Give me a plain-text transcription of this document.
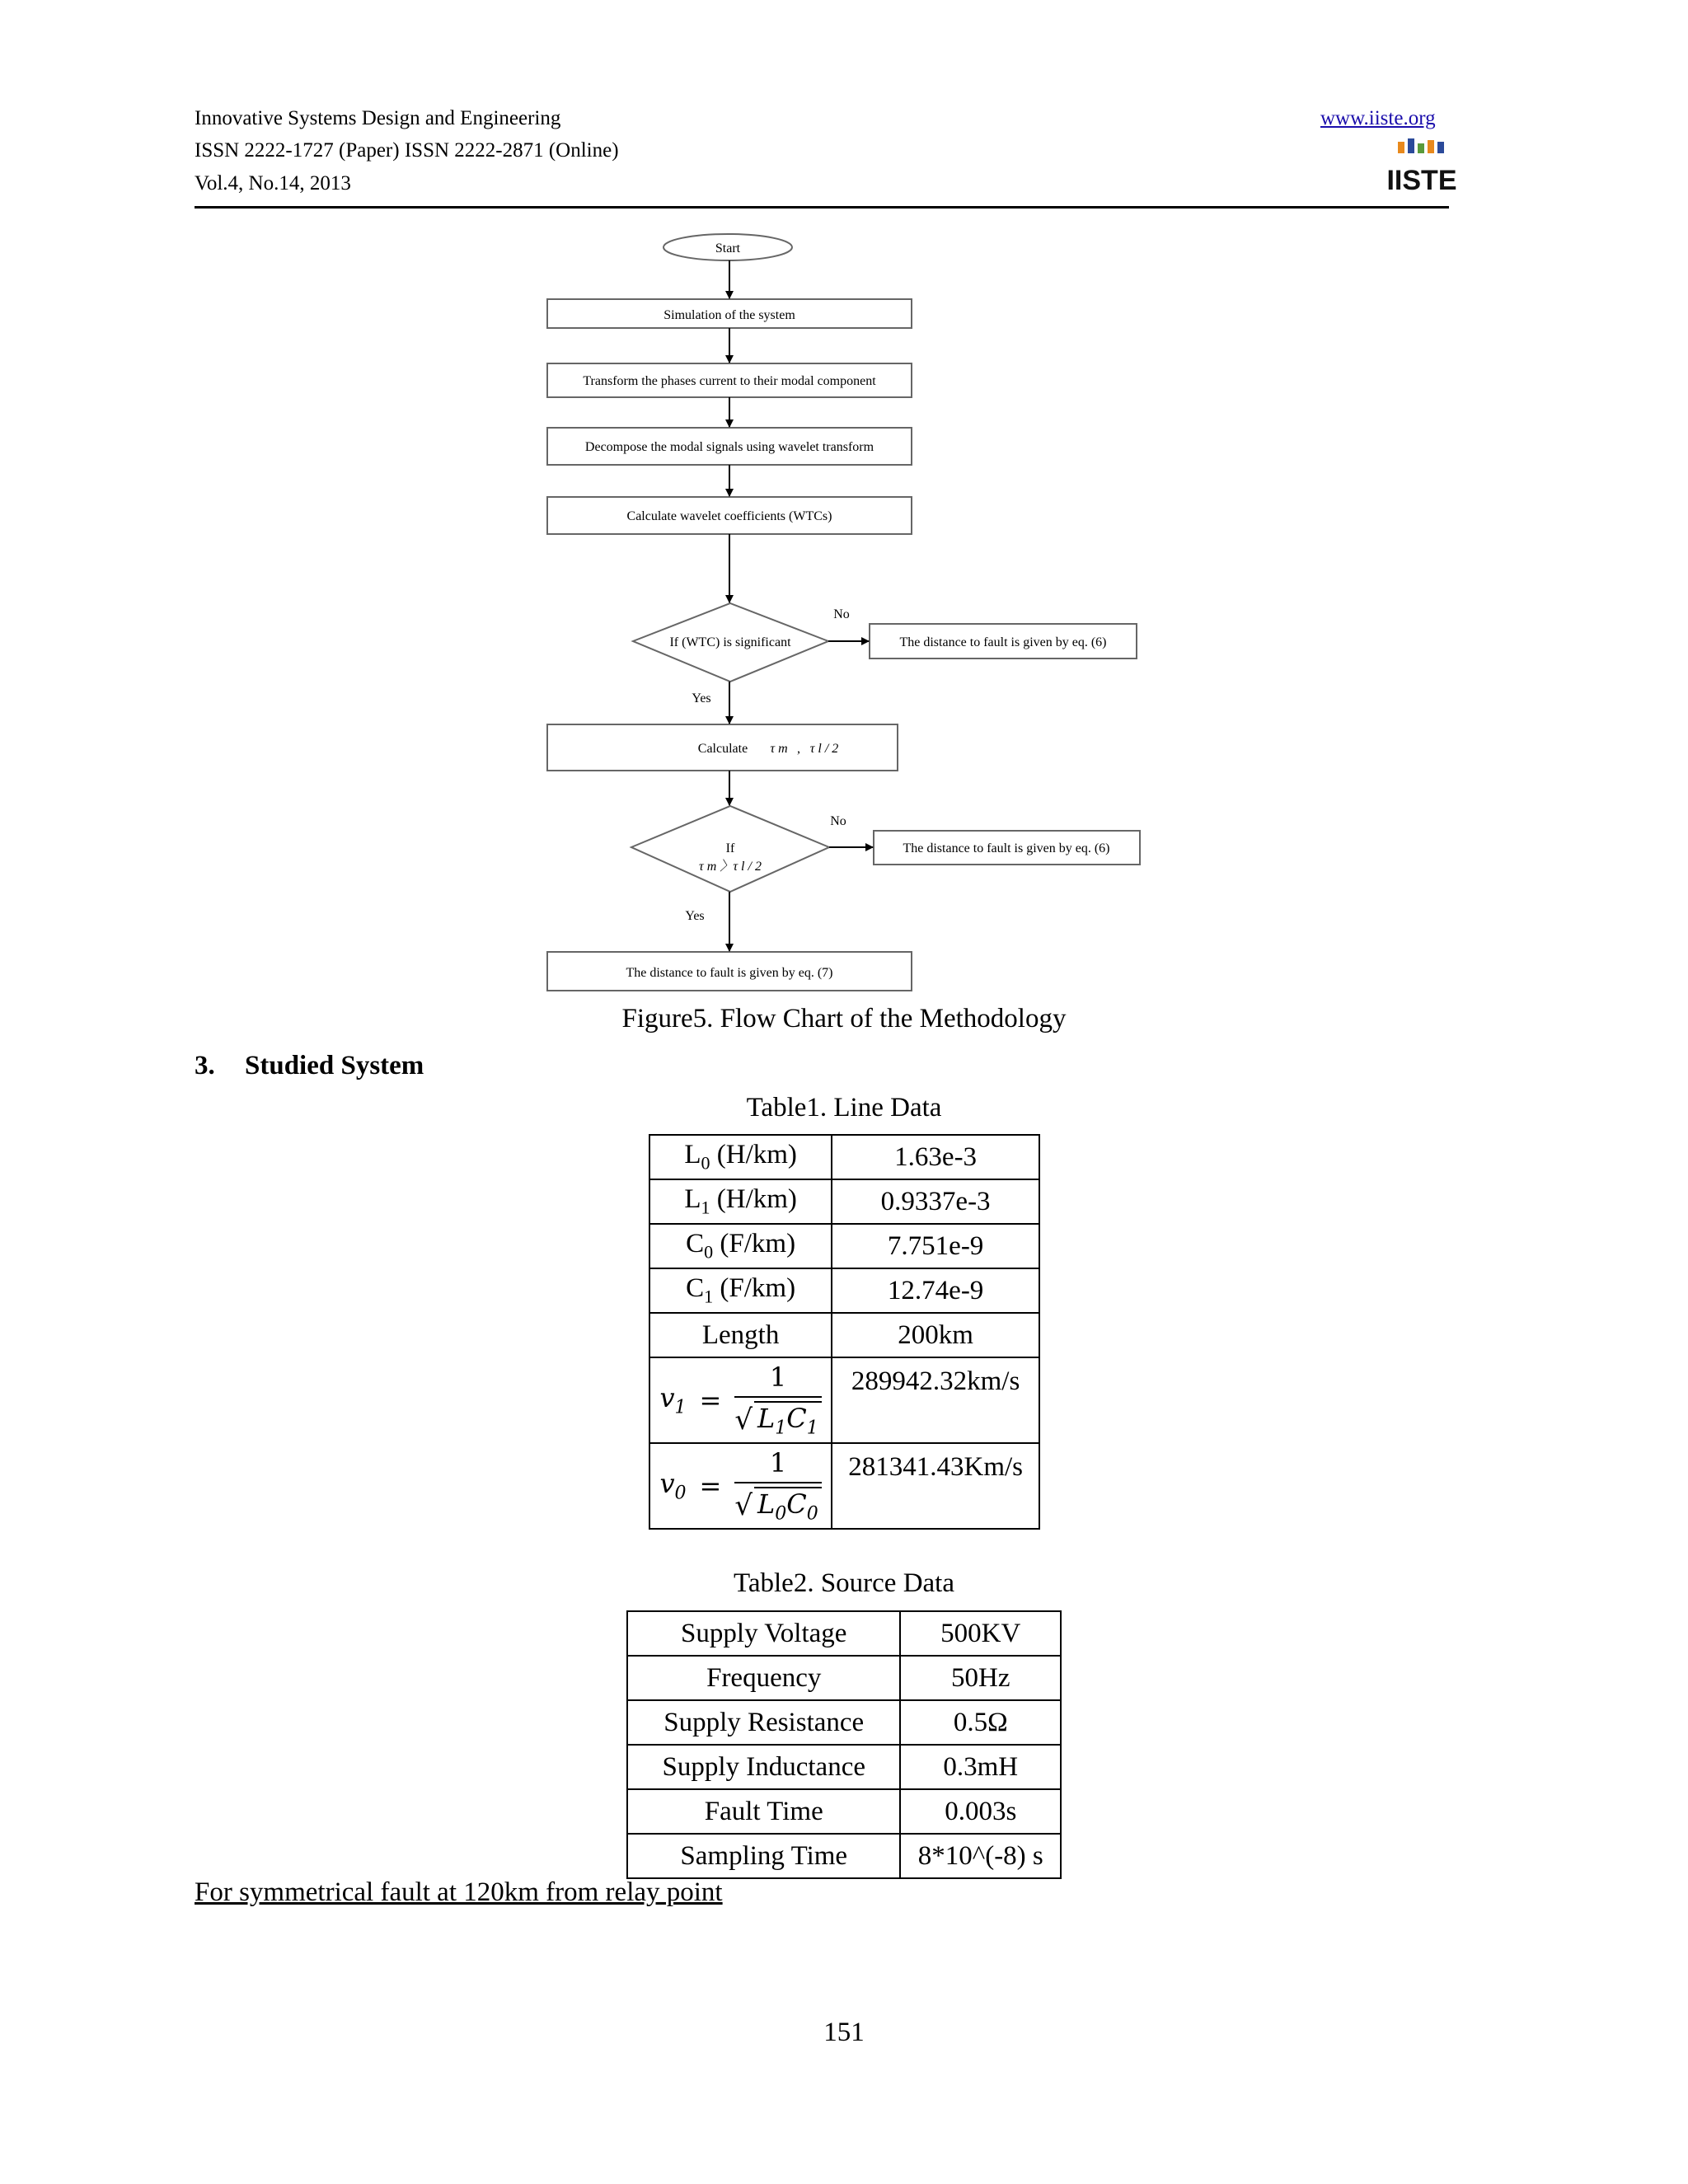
Innovative Systems Design and Engineering
ISSN 2222-1727 (Paper) ISSN 2222-2871 (Online)
Vol.4, No.14, 2013
www.iiste.org
IISTE
Start
Simulation of the system
Transform the phases current to their modal component
Decompose the modal signals using wavelet transform
Calculate wavelet coefficients (WTCs)
If (WTC) is significant
No
The distance to fault is given by eq. (6)
Yes
Calculate τ m , τ l / 2
If
τ m 〉τ l / 2
No
The distance to fault is given by eq. (6)
Yes
The distance to fault is given by eq. (7)
Figure5. Flow Chart of the Methodology
3. Studied System
Table1. Line Data
$L_0$ (H/km)	1.63e-3
$L_1$ (H/km)	0.9337e-3
$C_0$ (F/km)	7.751e-9
$C_1$ (F/km)	12.74e-9
Length	200km

$v_1 = \frac{1}{√ L_1C_1}$	289942.32km/s

$v_0 = \frac{1}{√ L_0C_0}$	281341.43Km/s
Table2. Source Data
Supply Voltage	500KV
Frequency	50Hz
Supply Resistance	0.5Ω
Supply Inductance	0.3mH
Fault Time	0.003s
Sampling Time	8*10^(-8) s
For symmetrical fault at 120km from relay point
151
